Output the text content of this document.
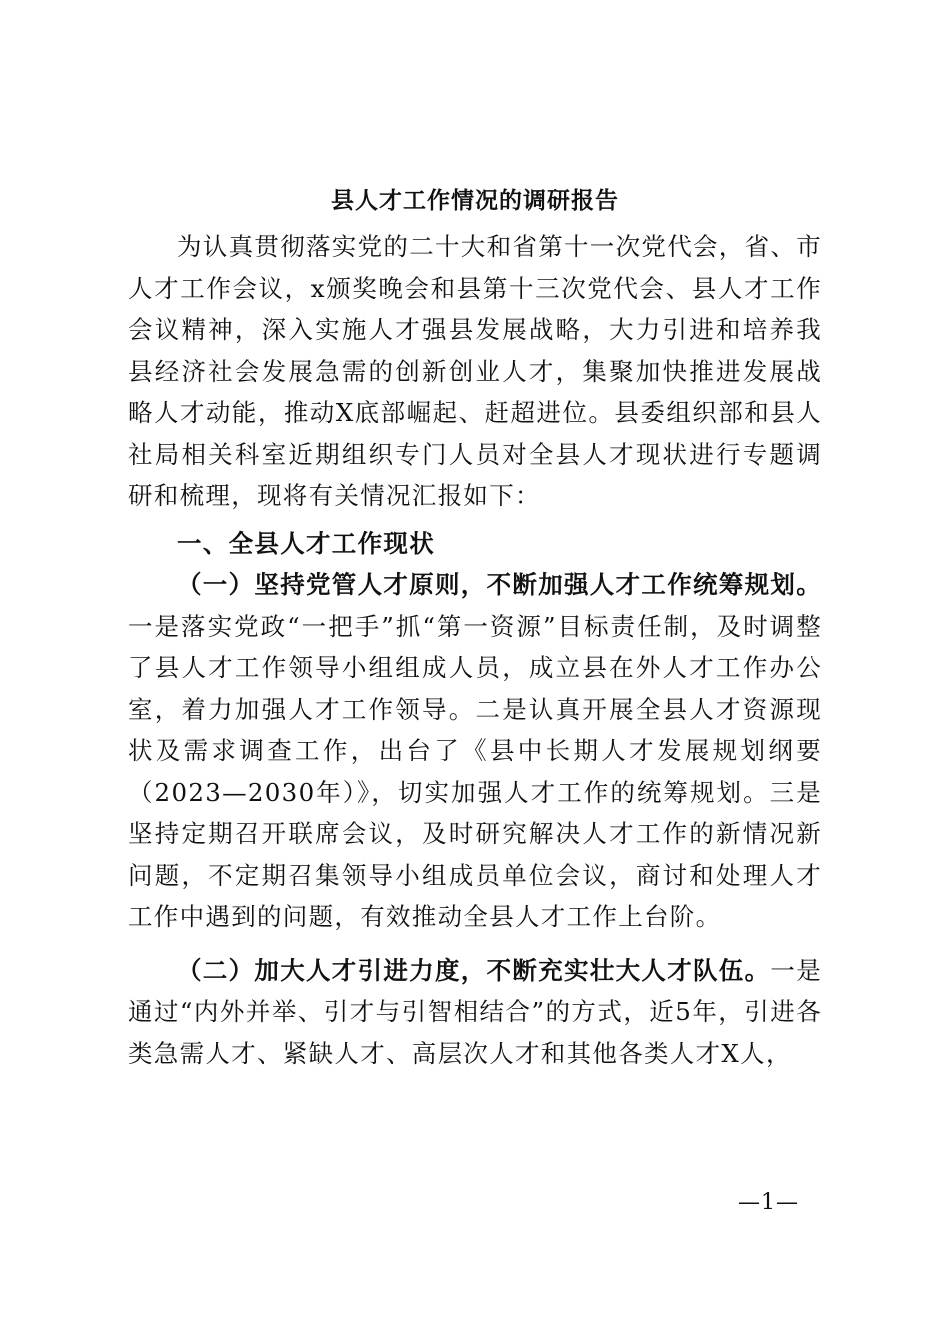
县人才工作情况的调研报告

为认真贯彻落实党的二十大和省第十一次党代会，省、市人才工作会议，x颁奖晚会和县第十三次党代会、县人才工作会议精神，深入实施人才强县发展战略，大力引进和培养我县经济社会发展急需的创新创业人才，集聚加快推进发展战略人才动能，推动X底部崛起、赶超进位。县委组织部和县人社局相关科室近期组织专门人员对全县人才现状进行专题调研和梳理，现将有关情况汇报如下：

一、全县人才工作现状

（一）坚持党管人才原则，不断加强人才工作统筹规划。一是落实党政“一把手”抓“第一资源”目标责任制，及时调整了县人才工作领导小组组成人员，成立县在外人才工作办公室，着力加强人才工作领导。二是认真开展全县人才资源现状及需求调查工作，出台了《县中长期人才发展规划纲要（2023—2030年）》，切实加强人才工作的统筹规划。三是坚持定期召开联席会议，及时研究解决人才工作的新情况新问题，不定期召集领导小组成员单位会议，商讨和处理人才工作中遇到的问题，有效推动全县人才工作上台阶。

（二）加大人才引进力度，不断充实壮大人才队伍。一是通过“内外并举、引才与引智相结合”的方式，近5年，引进各类急需人才、紧缺人才、高层次人才和其他各类人才X人，

—1—
